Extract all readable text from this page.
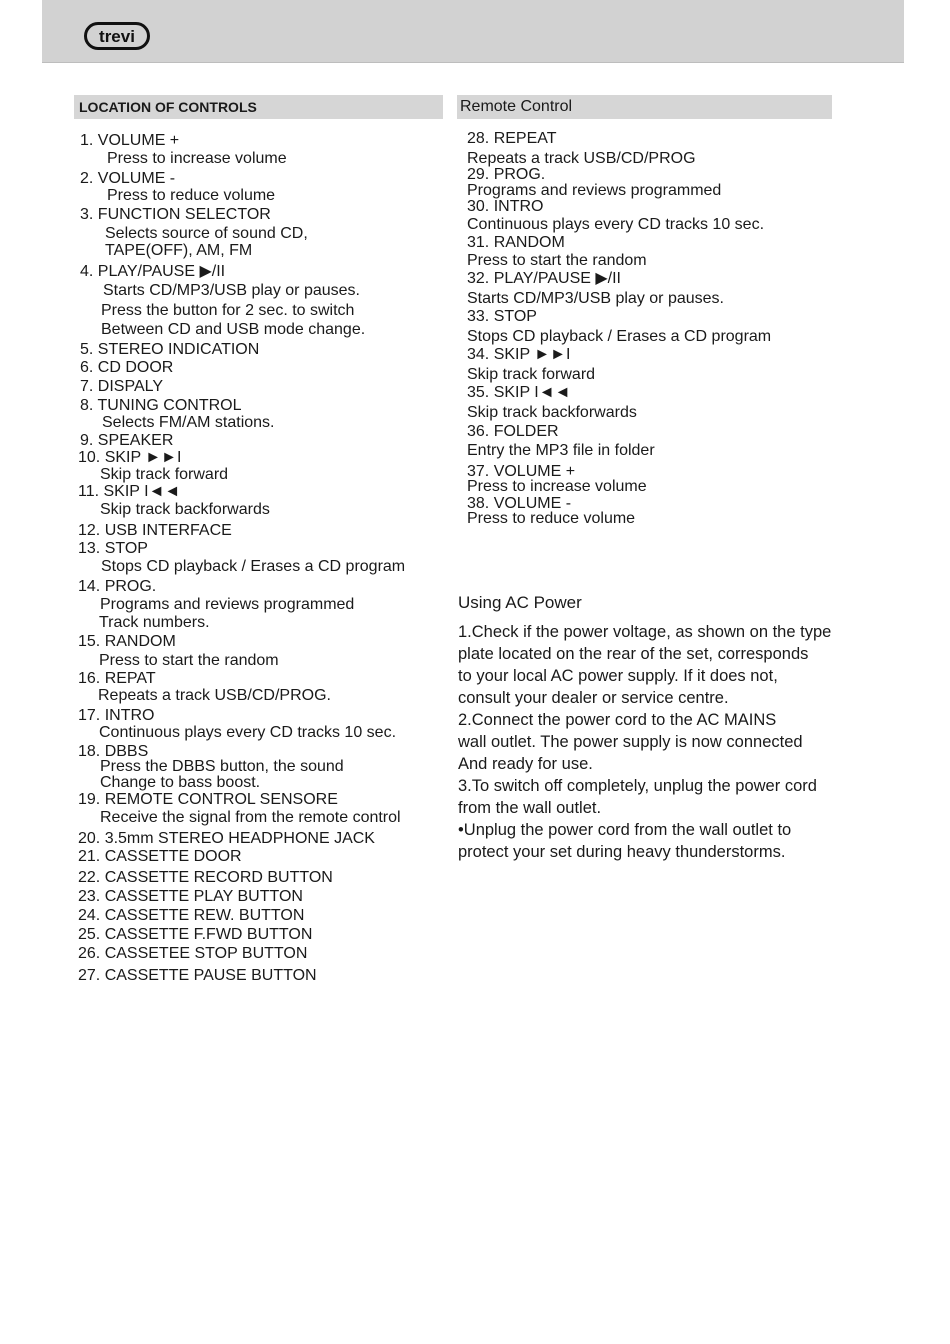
trevi
LOCATION OF CONTROLS	Remote Control
1. VOLUME +
Press to increase volume
2. VOLUME -
Press to reduce volume
3. FUNCTION SELECTOR
Selects source of sound CD,
TAPE(OFF), AM, FM
4. PLAY/PAUSE ▶/II
Starts CD/MP3/USB play or pauses.
Press the button for 2 sec. to switch
Between CD and USB mode change.
5. STEREO INDICATION
6. CD DOOR
7. DISPALY
8. TUNING CONTROL
Selects FM/AM stations.
9. SPEAKER
10. SKIP ►►I
Skip track forward
11. SKIP I◄◄
Skip track backforwards
12. USB INTERFACE
13. STOP
Stops CD playback / Erases a CD program
14. PROG.
Programs and reviews programmed
Track numbers.
15. RANDOM
Press to start the random
16. REPAT
Repeats a track USB/CD/PROG.
17. INTRO
Continuous plays every CD tracks 10 sec.
18. DBBS
Press the DBBS button, the sound
Change to bass boost.
19. REMOTE CONTROL SENSORE
Receive the signal from the remote control
20. 3.5mm STEREO HEADPHONE JACK
21. CASSETTE DOOR
22. CASSETTE RECORD BUTTON
23. CASSETTE PLAY BUTTON
24. CASSETTE REW. BUTTON
25. CASSETTE F.FWD BUTTON
26. CASSETEE STOP BUTTON
27. CASSETTE PAUSE BUTTON
28. REPEAT
Repeats a track USB/CD/PROG
29. PROG.
Programs and reviews programmed
30. INTRO
Continuous plays every CD tracks 10 sec.
31. RANDOM
Press to start the random
32. PLAY/PAUSE ▶/II
Starts CD/MP3/USB play or pauses.
33. STOP
Stops CD playback / Erases a CD program
34. SKIP ►►I
Skip track forward
35. SKIP I◄◄
Skip track backforwards
36. FOLDER
Entry the MP3 file in folder
37. VOLUME +
Press to increase volume
38. VOLUME -
Press to reduce volume
Using AC Power
1.Check if the power voltage, as shown on the type
plate located on the rear of the set, corresponds
to your local AC power supply. If it does not,
consult your dealer or service centre.
2.Connect the power cord to the AC MAINS
wall outlet. The power supply is now connected
And ready for use.
3.To switch off completely, unplug the power cord
from the wall outlet.
•Unplug the power cord from the wall outlet to
protect your set during heavy thunderstorms.
